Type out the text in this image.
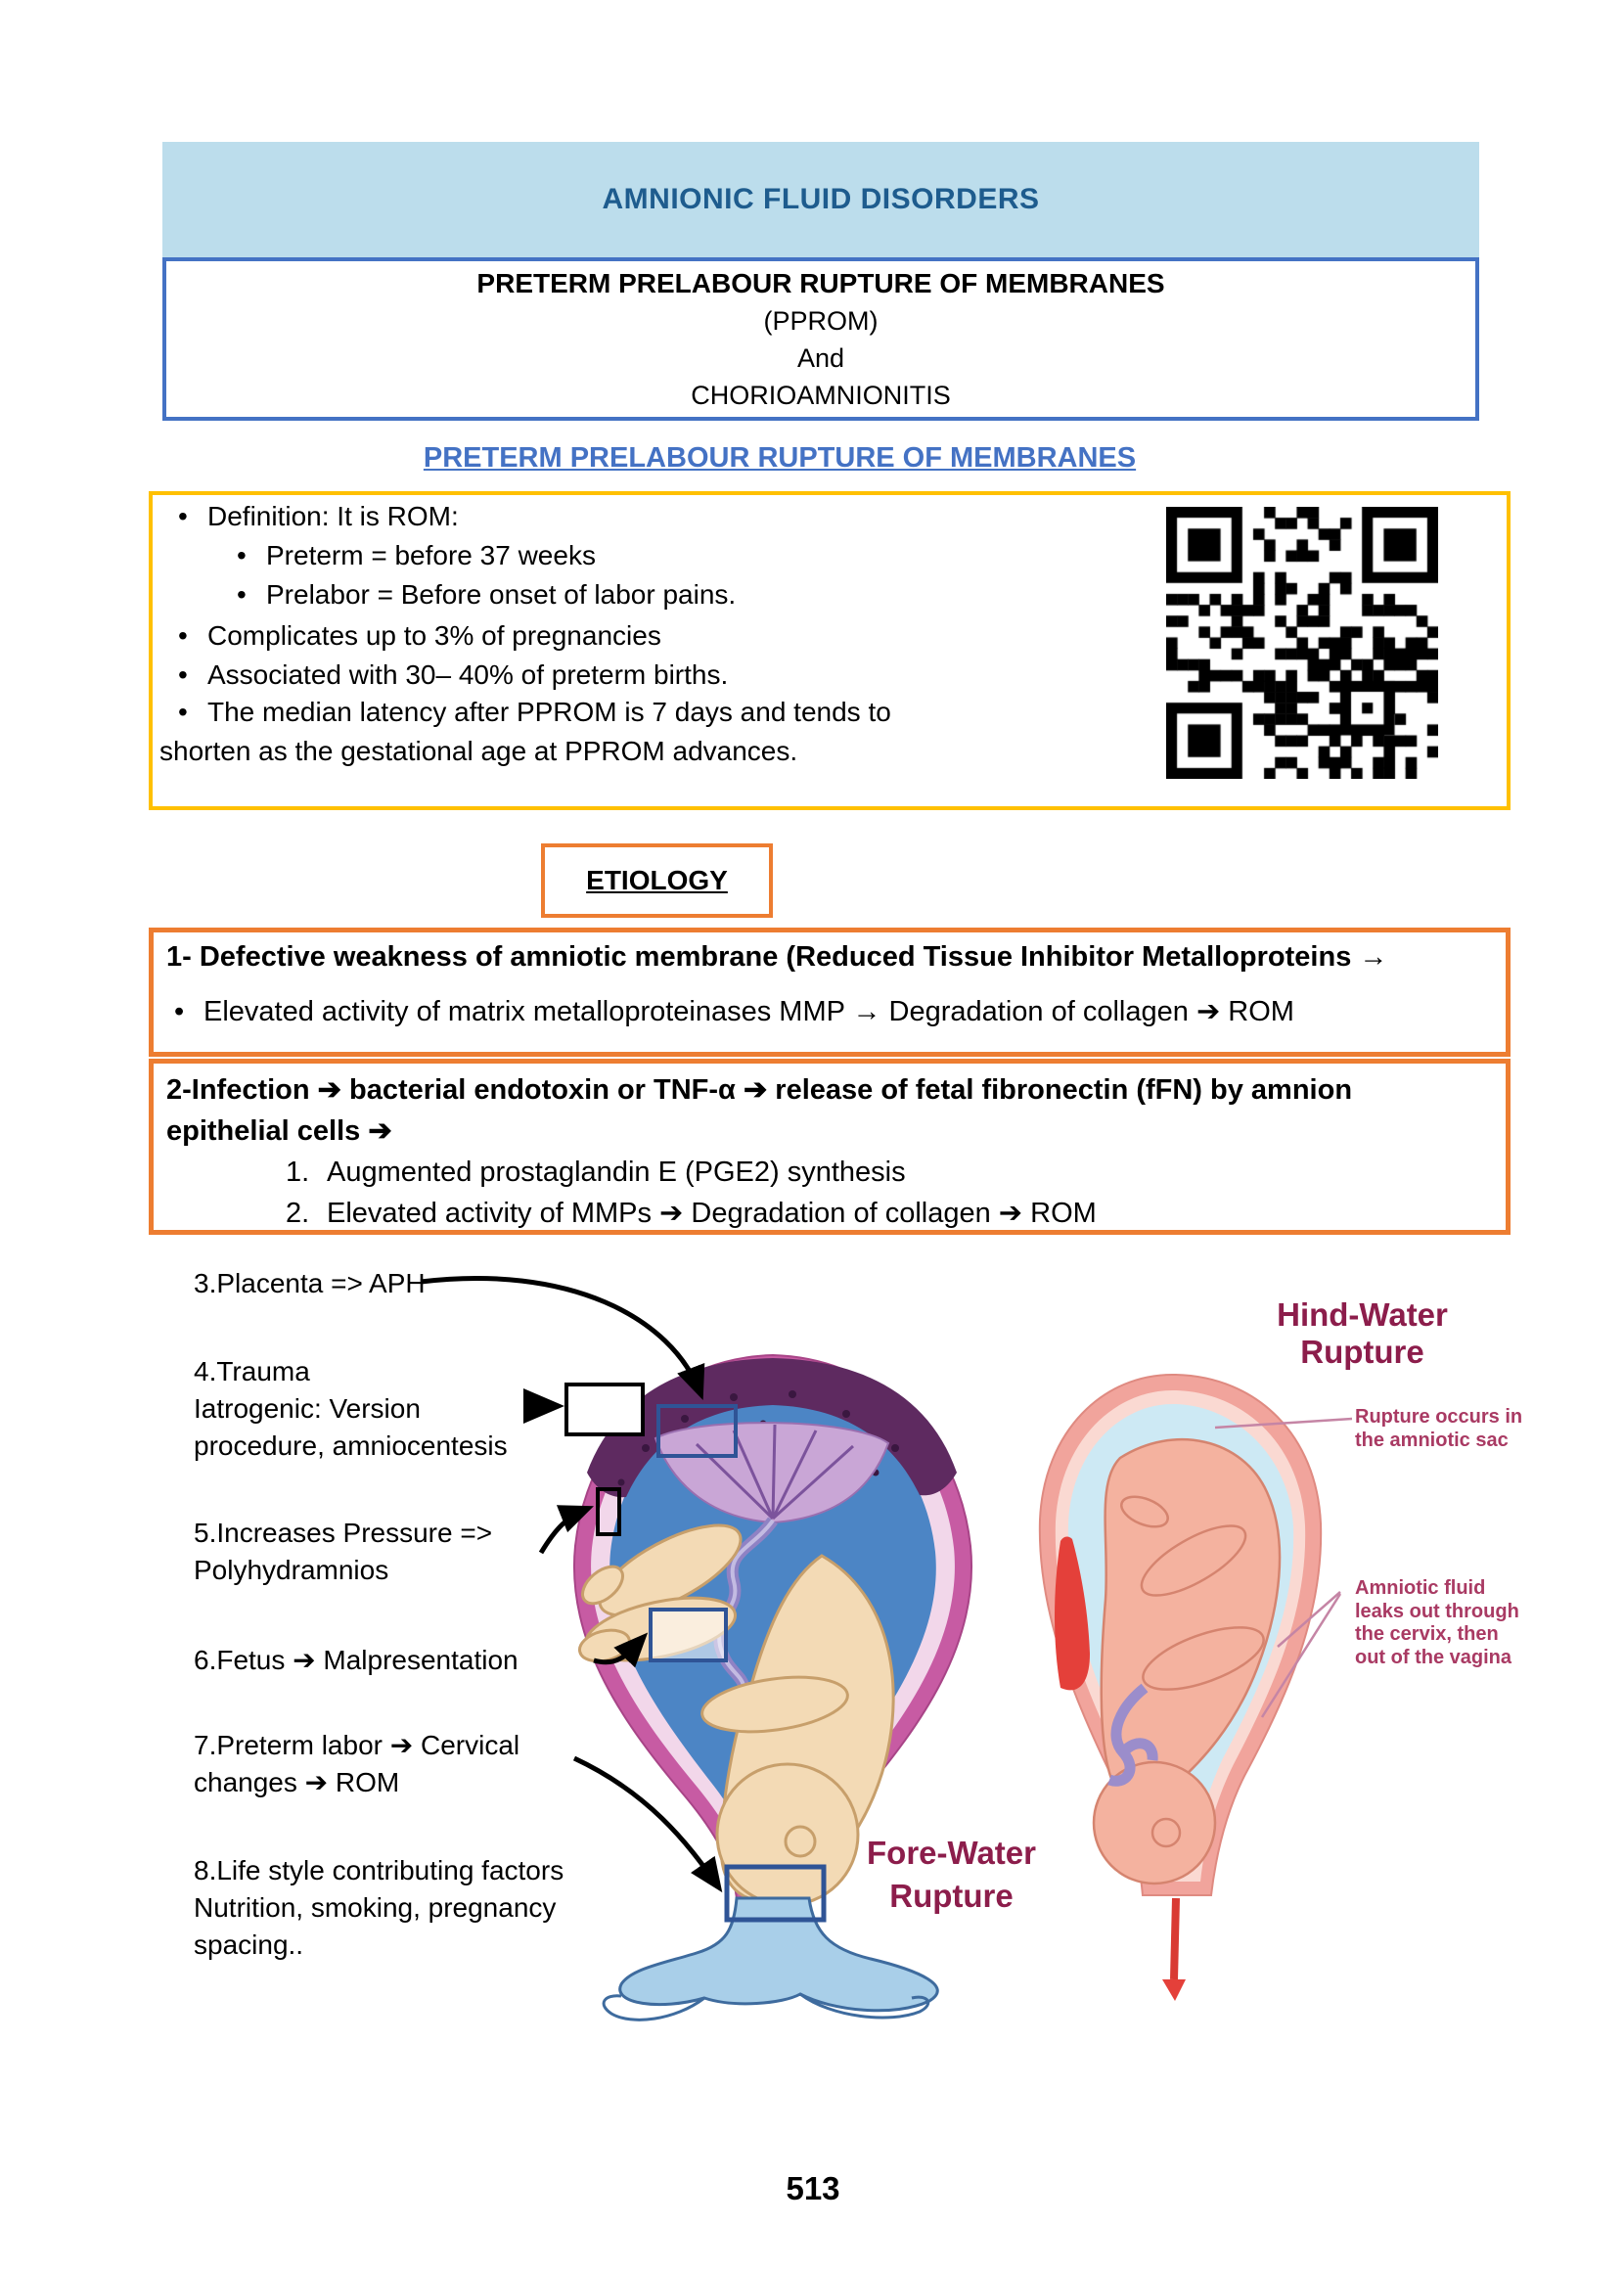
AMNIONIC FLUID DISORDERS
PRETERM PRELABOUR RUPTURE OF MEMBRANES
(PPROM)
And
CHORIOAMNIONITIS
PRETERM PRELABOUR RUPTURE OF MEMBRANES
• Definition: It is ROM:
• Preterm = before 37 weeks
• Prelabor = Before onset of labor pains.
• Complicates up to 3% of pregnancies
• Associated with 30– 40% of preterm births.
• The median latency after PPROM is 7 days and tends to
shorten as the gestational age at PPROM advances.
ETIOLOGY
1- Defective weakness of amniotic membrane (Reduced Tissue Inhibitor Metalloproteins →
• Elevated activity of matrix metalloproteinases MMP → Degradation of collagen ➔ ROM
2-Infection ➔ bacterial endotoxin or TNF-α ➔ release of fetal fibronectin (fFN) by amnion
epithelial cells ➔
1. Augmented prostaglandin E (PGE2) synthesis
2. Elevated activity of MMPs ➔ Degradation of collagen ➔ ROM
3.Placenta => APH
4.Trauma
Iatrogenic: Version
procedure, amniocentesis
5.Increases Pressure =>
Polyhydramnios
6.Fetus ➔ Malpresentation
7.Preterm labor ➔ Cervical
changes ➔ ROM
8.Life style contributing factors
Nutrition, smoking, pregnancy
spacing..
Fore-Water
Rupture
Hind-Water
Rupture
Rupture occurs in
the amniotic sac
Amniotic fluid
leaks out through
the cervix, then
out of the vagina
513
